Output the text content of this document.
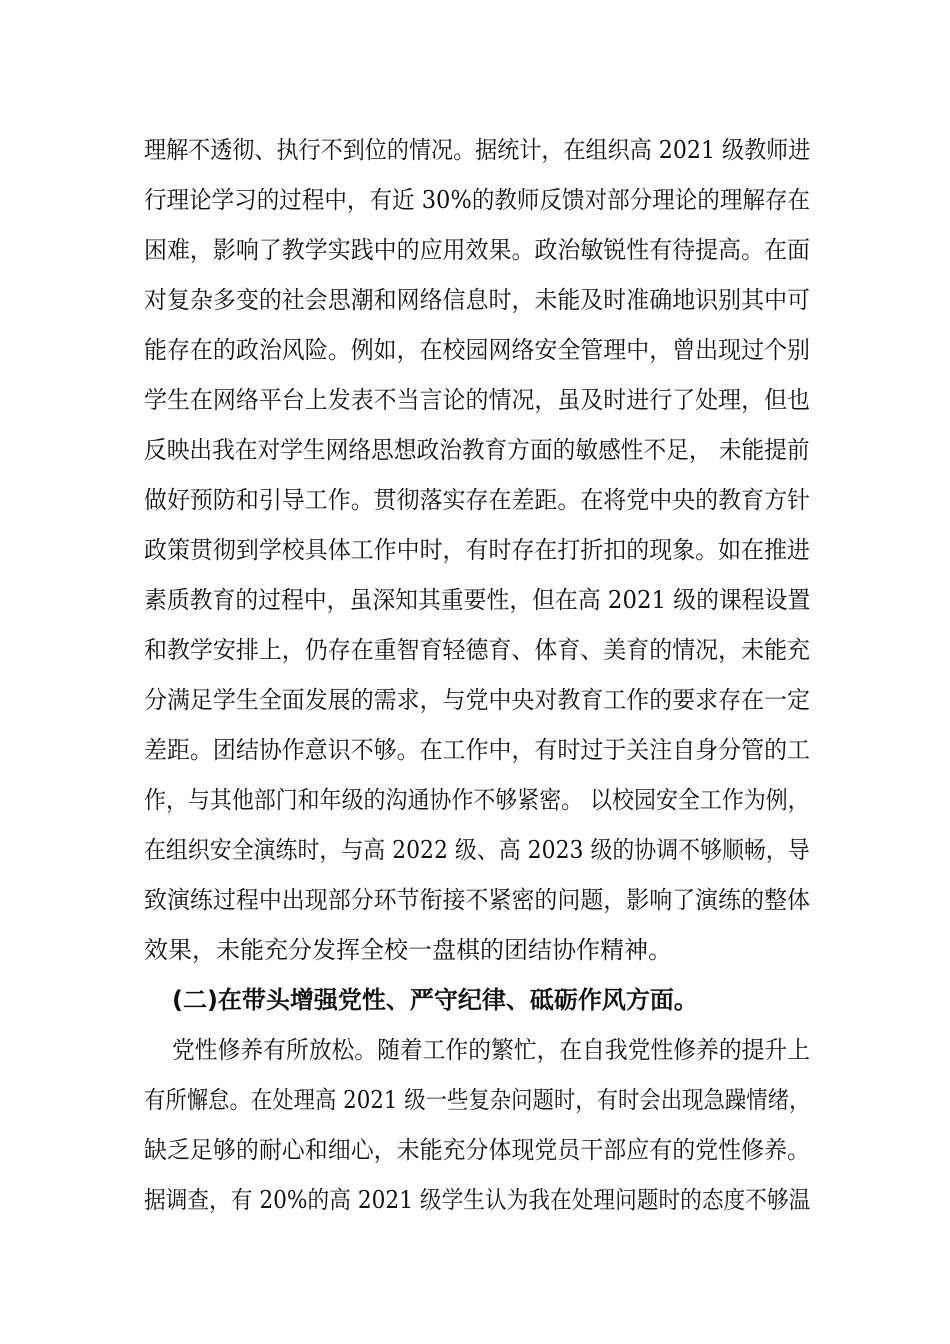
理解不透彻、执行不到位的情况。据统计，在组织高 2021 级教师进
行理论学习的过程中，有近 30%的教师反馈对部分理论的理解存在
困难，影响了教学实践中的应用效果。政治敏锐性有待提高。在面
对复杂多变的社会思潮和网络信息时，未能及时准确地识别其中可
能存在的政治风险。例如，在校园网络安全管理中，曾出现过个别
学生在网络平台上发表不当言论的情况，虽及时进行了处理，但也
反映出我在对学生网络思想政治教育方面的敏感性不足， 未能提前
做好预防和引导工作。贯彻落实存在差距。在将党中央的教育方针
政策贯彻到学校具体工作中时，有时存在打折扣的现象。如在推进
素质教育的过程中，虽深知其重要性，但在高 2021 级的课程设置
和教学安排上，仍存在重智育轻德育、体育、美育的情况，未能充
分满足学生全面发展的需求，与党中央对教育工作的要求存在一定
差距。团结协作意识不够。在工作中，有时过于关注自身分管的工
作，与其他部门和年级的沟通协作不够紧密。 以校园安全工作为例，
在组织安全演练时，与高 2022 级、高 2023 级的协调不够顺畅，导
致演练过程中出现部分环节衔接不紧密的问题，影响了演练的整体
效果，未能充分发挥全校一盘棋的团结协作精神。
(二)在带头增强党性、严守纪律、砥砺作风方面。
党性修养有所放松。随着工作的繁忙，在自我党性修养的提升上
有所懈怠。在处理高 2021 级一些复杂问题时，有时会出现急躁情绪，
缺乏足够的耐心和细心，未能充分体现党员干部应有的党性修养。
据调查，有 20%的高 2021 级学生认为我在处理问题时的态度不够温
